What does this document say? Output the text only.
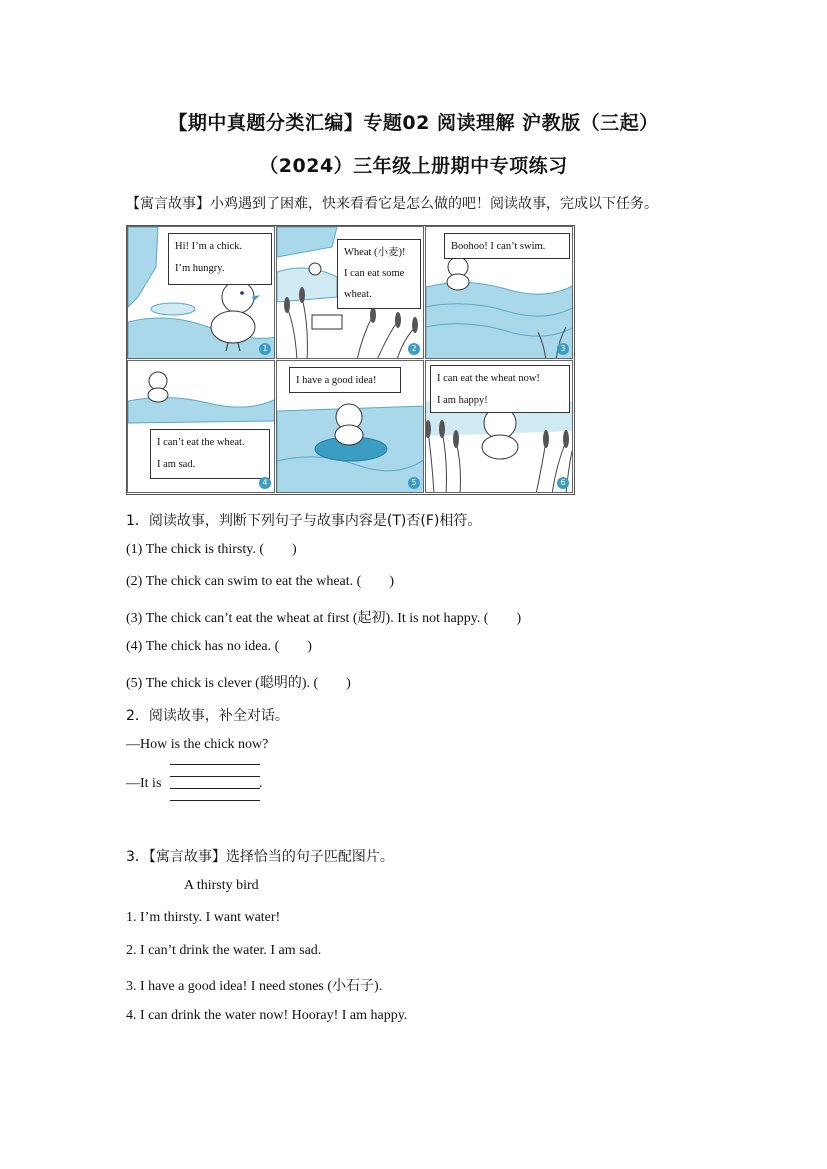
【期中真题分类汇编】专题02 阅读理解 沪教版（三起）
（2024）三年级上册期中专项练习
【寓言故事】小鸡遇到了困难，快来看看它是怎么做的吧！阅读故事，完成以下任务。
Hi! I’m a chick.
I’m hungry.
1
Wheat (小麦)!
I can eat some
wheat.
2
Boohoo! I can’t swim.
3
I can’t eat the wheat.
I am sad.
4
I have a good idea!
5
I can eat the wheat now!
I am happy!
6
1．阅读故事，判断下列句子与故事内容是(T)否(F)相符。
(1) The chick is thirsty. ( )
(2) The chick can swim to eat the wheat. ( )
(3) The chick can’t eat the wheat at first (起初). It is not happy. ( )
(4) The chick has no idea. ( )
(5) The chick is clever (聪明的). ( )
2．阅读故事，补全对话。
—How is the chick now?
—It is	.
3．【寓言故事】选择恰当的句子匹配图片。
A thirsty bird
1. I’m thirsty. I want water!
2. I can’t drink the water. I am sad.
3. I have a good idea! I need stones (小石子).
4. I can drink the water now! Hooray! I am happy.
